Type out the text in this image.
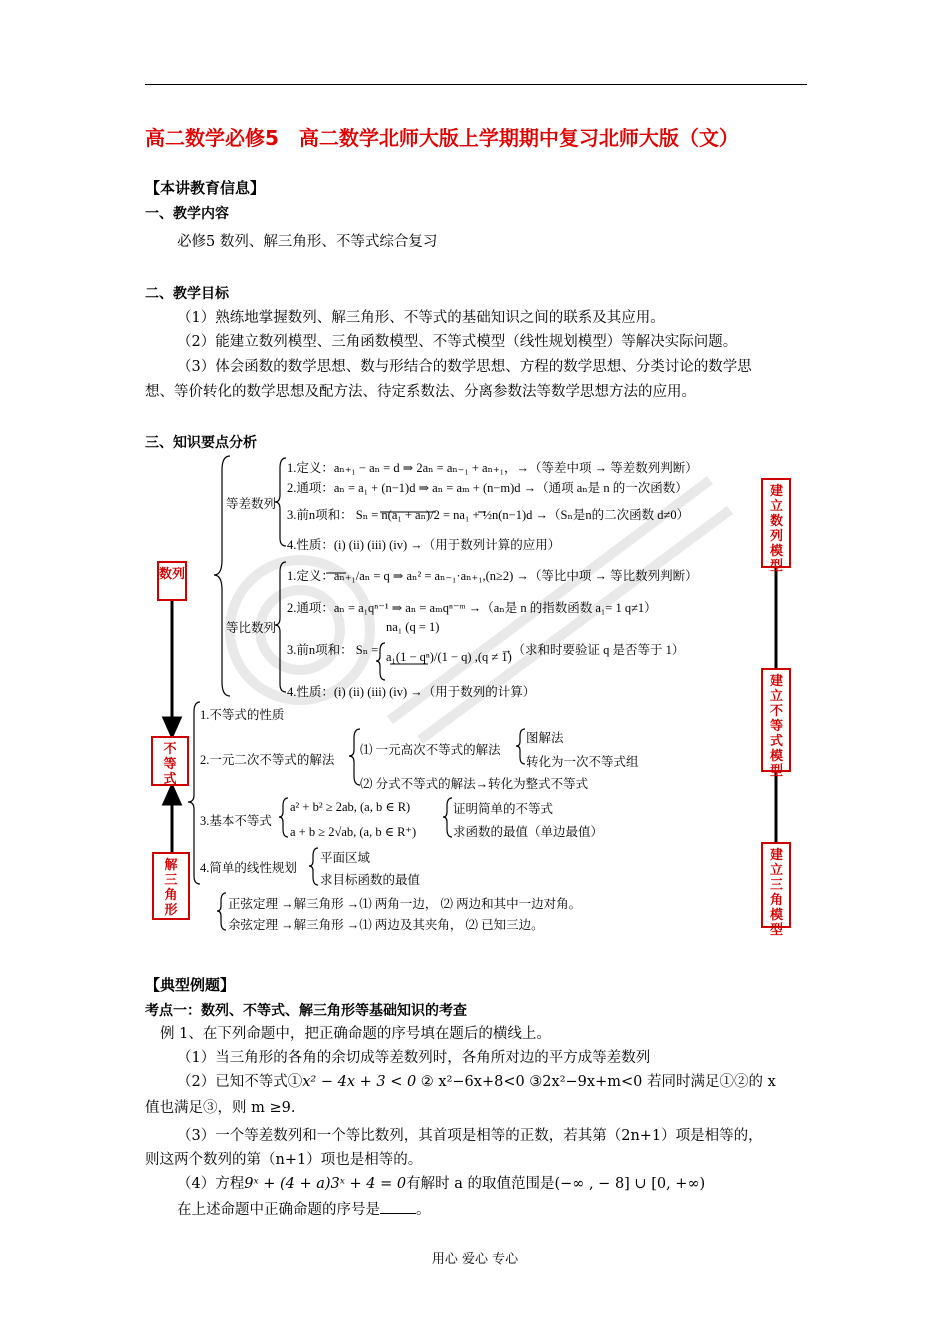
高二数学必修5　高二数学北师大版上学期期中复习北师大版（文）
【本讲教育信息】
一、教学内容
必修5 数列、解三角形、不等式综合复习
二、教学目标
（1）熟练地掌握数列、解三角形、不等式的基础知识之间的联系及其应用。
（2）能建立数列模型、三角函数模型、不等式模型（线性规划模型）等解决实际问题。
（3）体会函数的数学思想、数与形结合的数学思想、方程的数学思想、分类讨论的数学思
想、等价转化的数学思想及配方法、待定系数法、分离参数法等数学思想方法的应用。
三、知识要点分析
数列
不等式
解三角形
建立数列模型
建立不等式模型
建立三角模型
等差数列
1.定义：aₙ₊₁ − aₙ = d ⇒ 2aₙ = aₙ₋₁ + aₙ₊₁，→（等差中项 → 等差数列判断）
2.通项：aₙ = a₁ + (n−1)d ⇒ aₙ = aₘ + (n−m)d →（通项 aₙ是 n 的一次函数）
3.前n项和： Sₙ = n(a₁ + aₙ)/2 = na₁ + ½n(n−1)d →（Sₙ是n的二次函数 d≠0）
4.性质：(i) (ii) (iii) (iv) →（用于数列计算的应用）
等比数列
1.定义：aₙ₊₁/aₙ = q ⇒ aₙ² = aₙ₋₁·aₙ₊₁,(n≥2) →（等比中项 → 等比数列判断）
2.通项：aₙ = a₁qⁿ⁻¹ ⇒ aₙ = aₘqⁿ⁻ᵐ →（aₙ是 n 的指数函数 a₁= 1 q≠1）
3.前n项和： Sₙ =
na₁ (q = 1)
a₁(1 − qⁿ)/(1 − q) ,(q ≠ 1)
→（求和时要验证 q 是否等于 1）
4.性质：(i) (ii) (iii) (iv) →（用于数列的计算）
1.不等式的性质
2.一元二次不等式的解法
⑴ 一元高次不等式的解法
图解法
转化为一次不等式组
⑵ 分式不等式的解法→转化为整式不等式
3.基本不等式
a² + b² ≥ 2ab, (a, b ∈ R)
a + b ≥ 2√ab, (a, b ∈ R⁺)
证明简单的不等式
求函数的最值（单边最值）
4.简单的线性规划
平面区域
求目标函数的最值
正弦定理 →解三角形 →⑴ 两角一边， ⑵ 两边和其中一边对角。
余弦定理 →解三角形 →⑴ 两边及其夹角， ⑵ 已知三边。
【典型例题】
考点一：数列、不等式、解三角形等基础知识的考查
例 1、在下列命题中，把正确命题的序号填在题后的横线上。
（1）当三角形的各角的余切成等差数列时，各角所对边的平方成等差数列
（2）已知不等式①x² − 4x + 3 < 0 ② x²−6x+8<0 ③2x²−9x+m<0 若同时满足①②的 x
值也满足③，则 m ≥9.
（3）一个等差数列和一个等比数列，其首项是相等的正数，若其第（2n+1）项是相等的，
则这两个数列的第（n+1）项也是相等的。
（4）方程9ˣ + (4 + a)3ˣ + 4 = 0有解时 a 的取值范围是(−∞ , − 8] ∪ [0, +∞)
在上述命题中正确命题的序号是 。
用心 爱心 专心
